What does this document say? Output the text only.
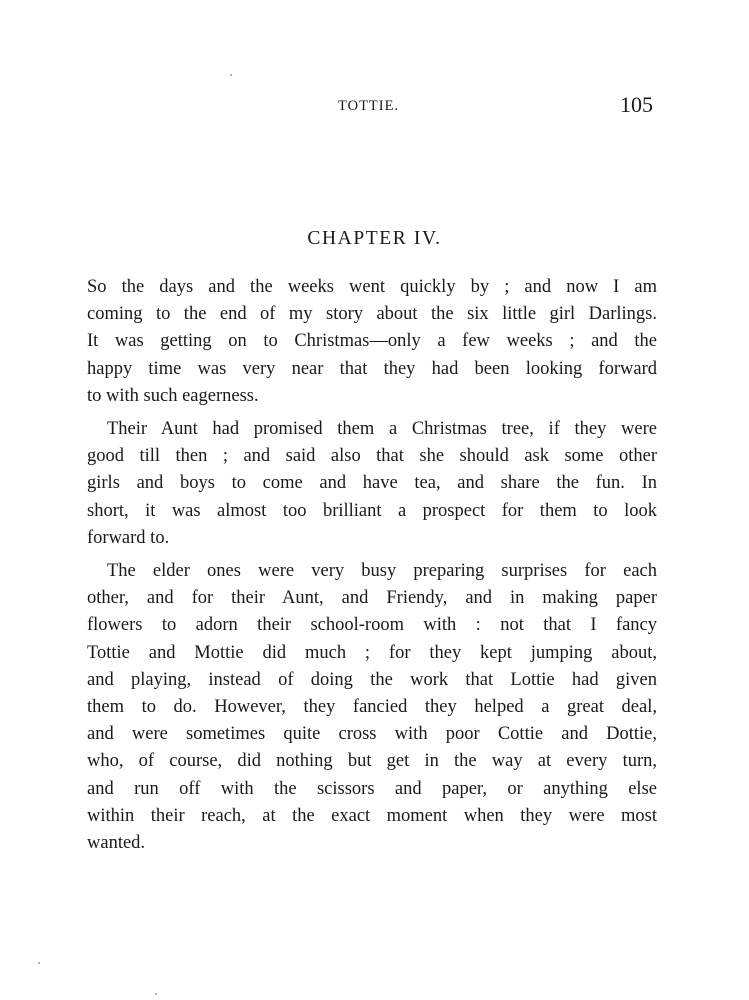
TOTTIE.	105
CHAPTER IV.

So the days and the weeks went quickly by ; and now I am
coming to the end of my story about the six little girl Darlings.
It was getting on to Christmas—only a few weeks ; and the
happy time was very near that they had been looking forward
to with such eagerness.

Their Aunt had promised them a Christmas tree, if they were
good till then ; and said also that she should ask some other
girls and boys to come and have tea, and share the fun. In
short, it was almost too brilliant a prospect for them to look
forward to.

The elder ones were very busy preparing surprises for each
other, and for their Aunt, and Friendy, and in making paper
flowers to adorn their school-room with : not that I fancy
Tottie and Mottie did much ; for they kept jumping about,
and playing, instead of doing the work that Lottie had given
them to do. However, they fancied they helped a great deal,
and were sometimes quite cross with poor Cottie and Dottie,
who, of course, did nothing but get in the way at every turn,
and run off with the scissors and paper, or anything else
within their reach, at the exact moment when they were most
wanted.
